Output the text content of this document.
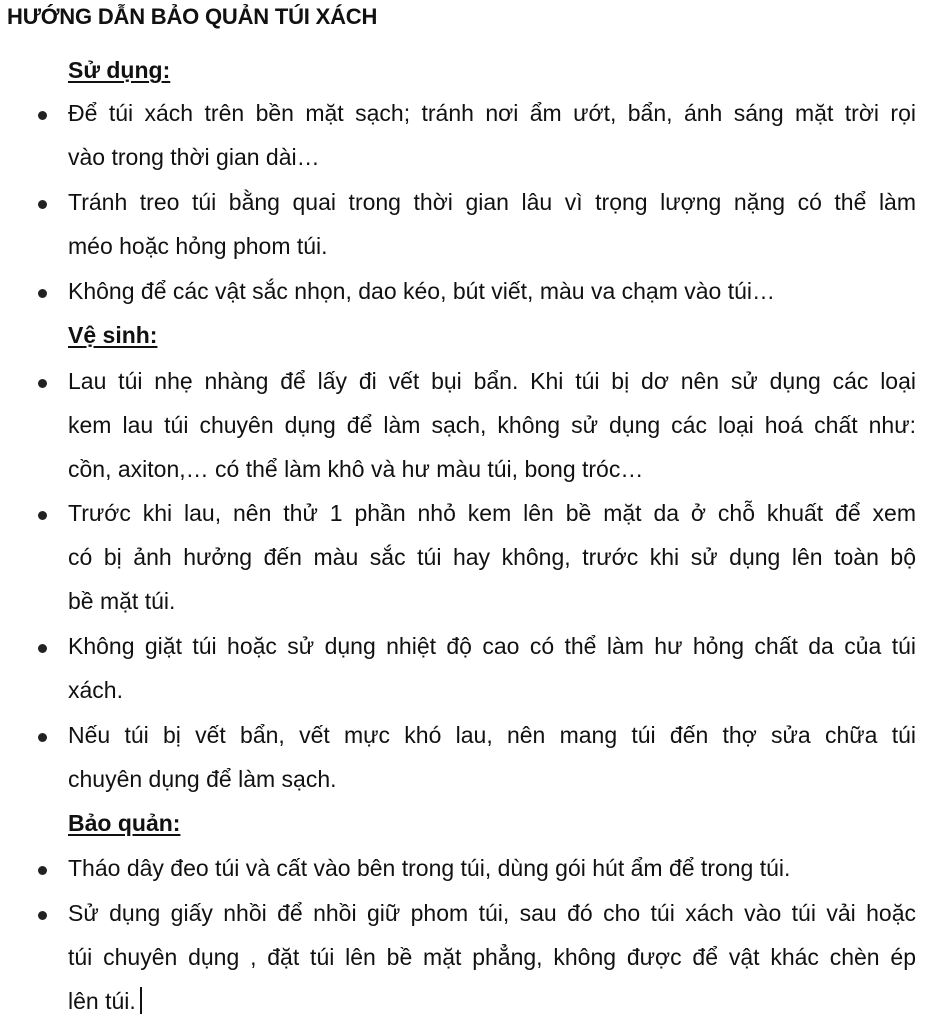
HƯỚNG DẪN BẢO QUẢN TÚI XÁCH
Sử dụng:

Để túi xách trên bền mặt sạch; tránh nơi ẩm ướt, bẩn, ánh sáng mặt trời rọi

vào trong thời gian dài…

Tránh treo túi bằng quai trong thời gian lâu vì trọng lượng nặng có thể làm

méo hoặc hỏng phom túi.

Không để các vật sắc nhọn, dao kéo, bút viết, màu va chạm vào túi…

Vệ sinh:

Lau túi nhẹ nhàng để lấy đi vết bụi bẩn. Khi túi bị dơ nên sử dụng các loại

kem lau túi chuyên dụng để làm sạch, không sử dụng các loại hoá chất như:

cồn, axiton,… có thể làm khô và hư màu túi, bong tróc…

Trước khi lau, nên thử 1 phần nhỏ kem lên bề mặt da ở chỗ khuất để xem

có bị ảnh hưởng đến màu sắc túi hay không, trước khi sử dụng lên toàn bộ

bề mặt túi.

Không giặt túi hoặc sử dụng nhiệt độ cao có thể làm hư hỏng chất da của túi

xách.

Nếu túi bị vết bẩn, vết mực khó lau, nên mang túi đến thợ sửa chữa túi

chuyên dụng để làm sạch.

Bảo quản:

Tháo dây đeo túi và cất vào bên trong túi, dùng gói hút ẩm để trong túi.

Sử dụng giấy nhồi để nhồi giữ phom túi, sau đó cho túi xách vào túi vải hoặc

túi chuyên dụng , đặt túi lên bề mặt phẳng, không được để vật khác chèn ép

lên túi.
